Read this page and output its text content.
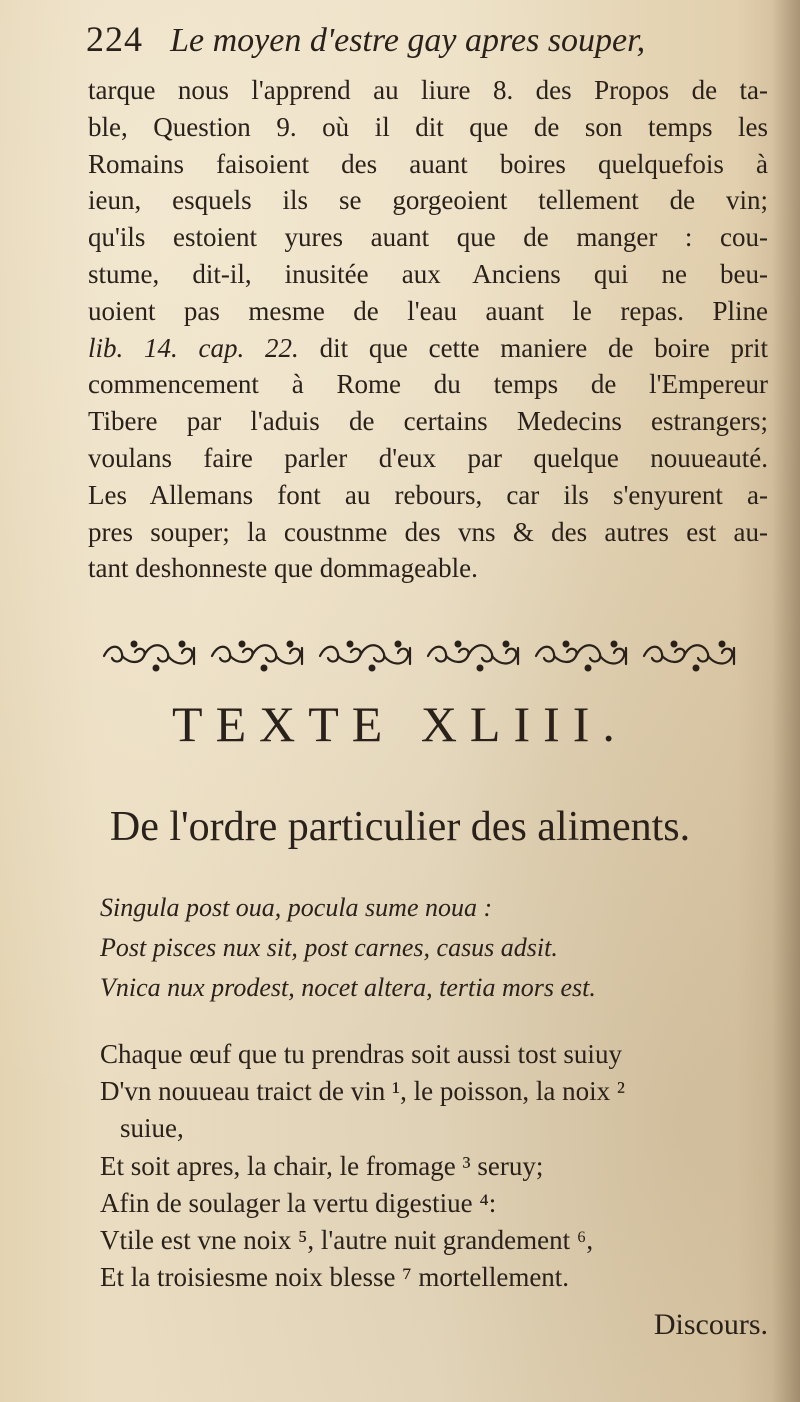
224 Le moyen d'estre gay apres souper,
tarque nous l'apprend au liure 8. des Propos de ta-
ble, Question 9. où il dit que de son temps les
Romains faisoient des auant boires quelquefois à
ieun, esquels ils se gorgeoient tellement de vin;
qu'ils estoient yures auant que de manger : cou-
stume, dit-il, inusitée aux Anciens qui ne beu-
uoient pas mesme de l'eau auant le repas. Pline
lib. 14. cap. 22. dit que cette maniere de boire prit
commencement à Rome du temps de l'Empereur
Tibere par l'aduis de certains Medecins estrangers;
voulans faire parler d'eux par quelque nouueauté.
Les Allemans font au rebours, car ils s'enyurent a-
pres souper; la coustnme des vns & des autres est au-
tant deshonneste que dommageable.
TEXTE XLIII.
De l'ordre particulier des aliments.
Singula post oua, pocula sume noua :
Post pisces nux sit, post carnes, casus adsit.
Vnica nux prodest, nocet altera, tertia mors est.
Chaque œuf que tu prendras soit aussi tost suiuy
D'vn nouueau traict de vin ¹, le poisson, la noix ²
suiue,
Et soit apres, la chair, le fromage ³ seruy;
Afin de soulager la vertu digestiue ⁴:
Vtile est vne noix ⁵, l'autre nuit grandement ⁶,
Et la troisiesme noix blesse ⁷ mortellement.
Discours.
